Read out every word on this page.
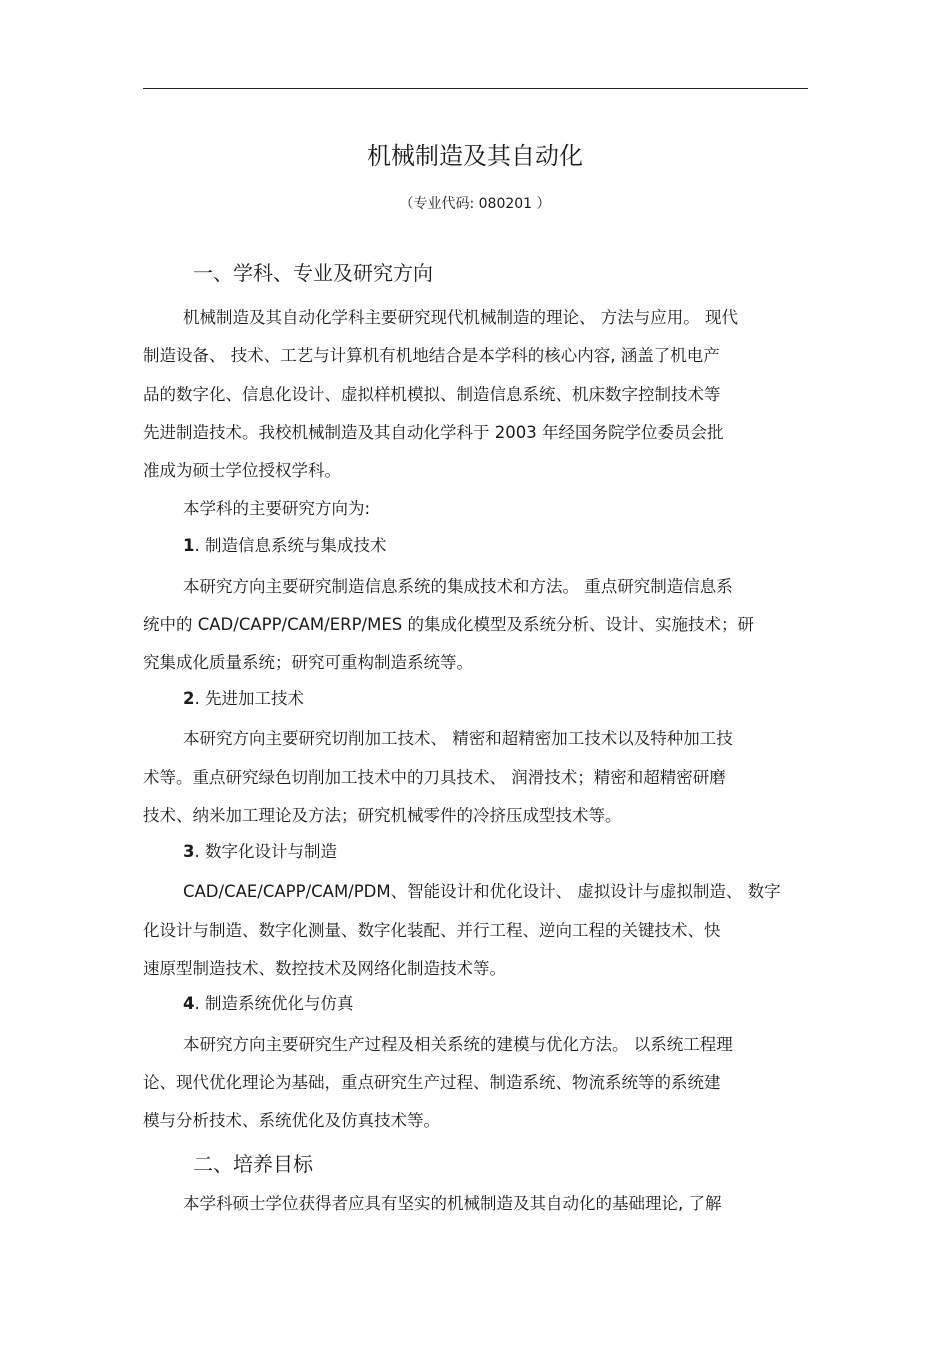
机械制造及其自动化
（专业代码: 080201 ）
一、学科、专业及研究方向
机械制造及其自动化学科主要研究现代机械制造的理论、 方法与应用。 现代
制造设备、 技术、工艺与计算机有机地结合是本学科的核心内容, 涵盖了机电产
品的数字化、信息化设计、虚拟样机模拟、制造信息系统、机床数字控制技术等
先进制造技术。我校机械制造及其自动化学科于 2003 年经国务院学位委员会批
准成为硕士学位授权学科。
本学科的主要研究方向为:
1. 制造信息系统与集成技术
本研究方向主要研究制造信息系统的集成技术和方法。 重点研究制造信息系
统中的 CAD/CAPP/CAM/ERP/MES 的集成化模型及系统分析、设计、实施技术；研
究集成化质量系统；研究可重构制造系统等。
2. 先进加工技术
本研究方向主要研究切削加工技术、 精密和超精密加工技术以及特种加工技
术等。重点研究绿色切削加工技术中的刀具技术、 润滑技术；精密和超精密研磨
技术、纳米加工理论及方法；研究机械零件的冷挤压成型技术等。
3. 数字化设计与制造
CAD/CAE/CAPP/CAM/PDM、智能设计和优化设计、 虚拟设计与虚拟制造、 数字
化设计与制造、数字化测量、数字化装配、并行工程、逆向工程的关键技术、快
速原型制造技术、数控技术及网络化制造技术等。
4. 制造系统优化与仿真
本研究方向主要研究生产过程及相关系统的建模与优化方法。 以系统工程理
论、现代优化理论为基础，重点研究生产过程、制造系统、物流系统等的系统建
模与分析技术、系统优化及仿真技术等。
二、培养目标
本学科硕士学位获得者应具有坚实的机械制造及其自动化的基础理论, 了解
